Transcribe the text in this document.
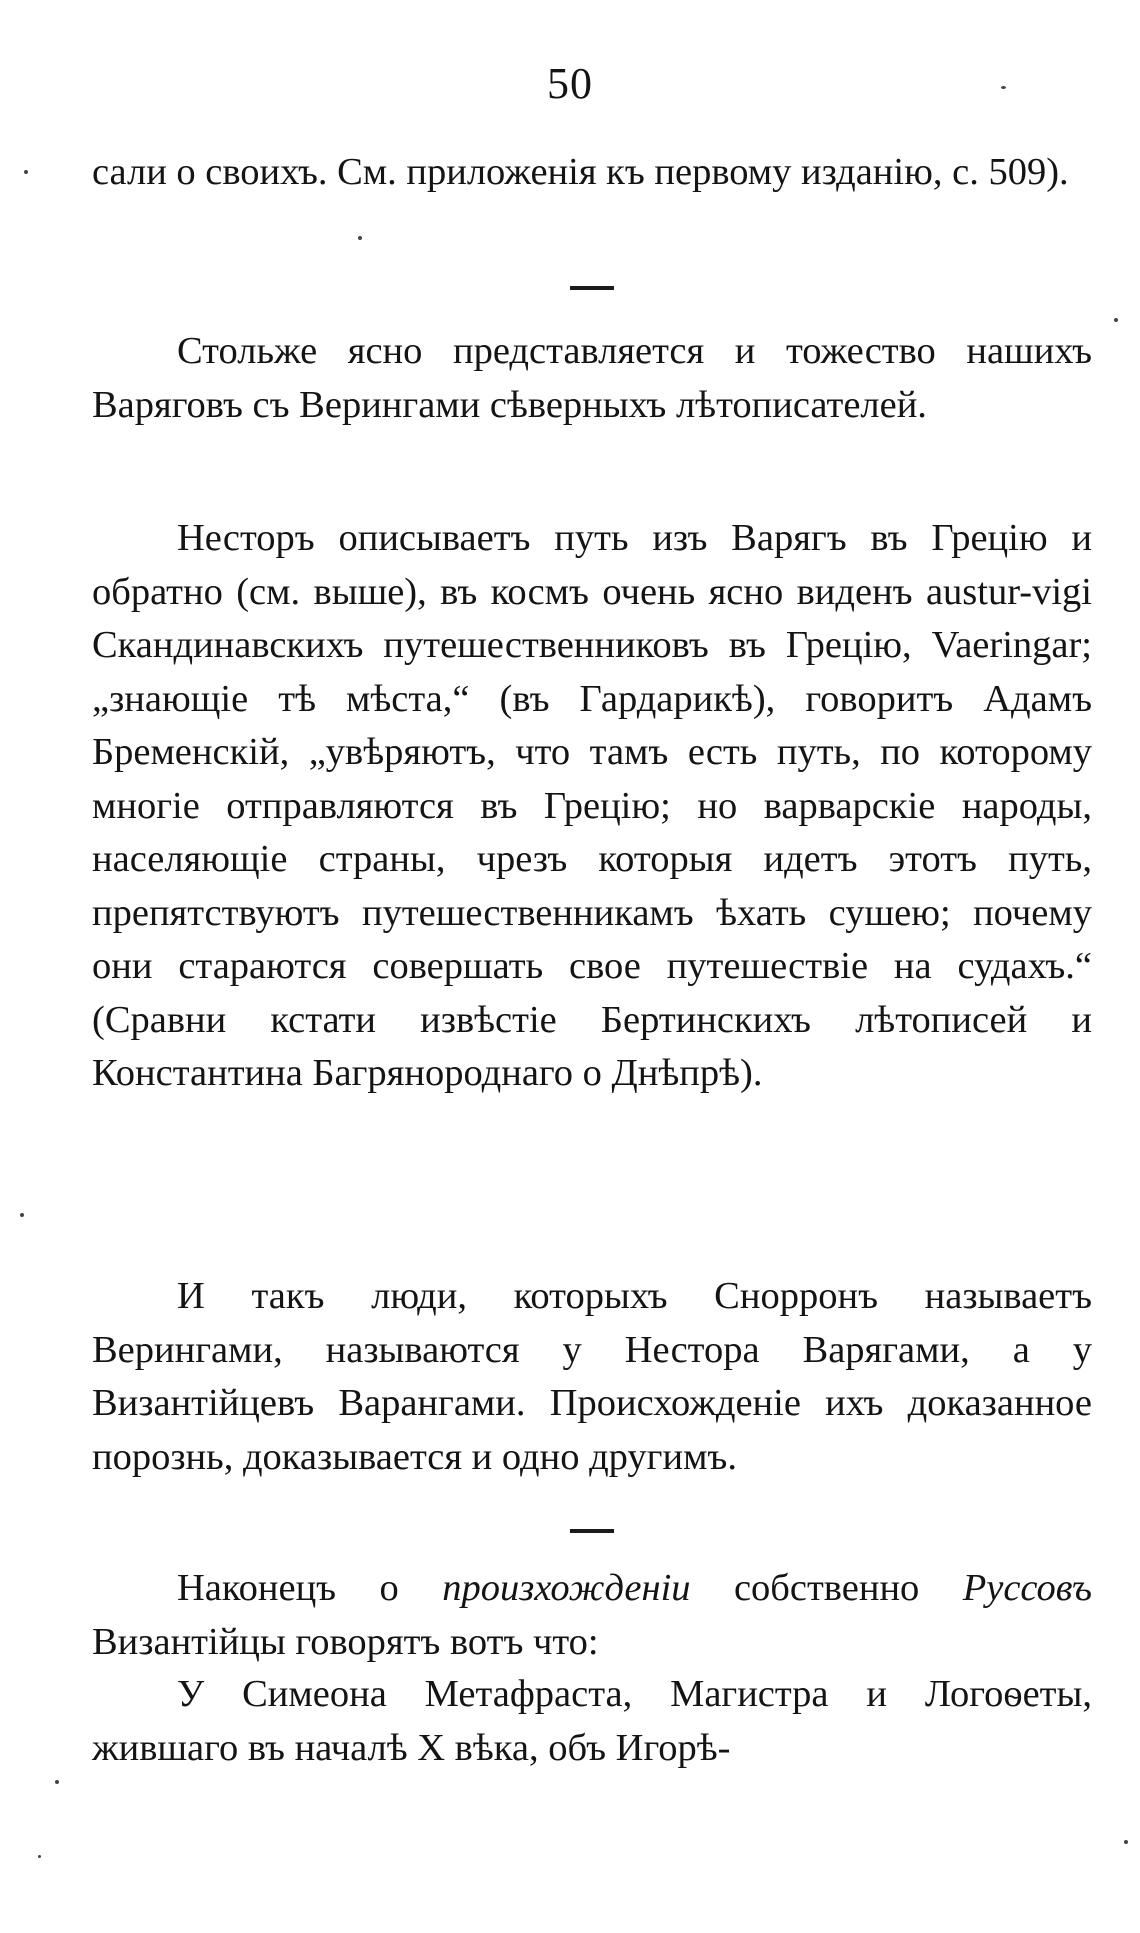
50

сали о своихъ. См. приложенія къ первому изданію, с. 509).

Стольже ясно представляется и тожество нашихъ Варяговъ съ Верингами сѣверныхъ лѣтописателей.

Несторъ описываетъ путь изъ Варягъ въ Грецію и обратно (см. выше), въ космъ очень ясно виденъ austur-vigi Скандинавскихъ путешественниковъ въ Грецію, Vaeringar; „знающіе тѣ мѣста,“ (въ Гардарикѣ), говоритъ Адамъ Бременскій, „увѣряютъ, что тамъ есть путь, по которому многіе отправляются въ Грецію; но варварскіе народы, населяющіе страны, чрезъ которыя идетъ этотъ путь, препятствуютъ путешественникамъ ѣхать сушею; почему они стараются совершать свое путешествіе на судахъ.“ (Сравни кстати извѣстіе Бертинскихъ лѣтописей и Константина Багрянороднаго о Днѣпрѣ).

И такъ люди, которыхъ Снорронъ называетъ Верингами, называются у Нестора Варягами, а у Византійцевъ Варангами. Происхожденіе ихъ доказанное порознь, доказывается и одно другимъ.

Наконецъ о произхожденіи собственно Руссовъ Византійцы говорятъ вотъ что:

У Симеона Метафраста, Магистра и Логоѳеты, жившаго въ началѣ X вѣка, объ Игорѣ-
